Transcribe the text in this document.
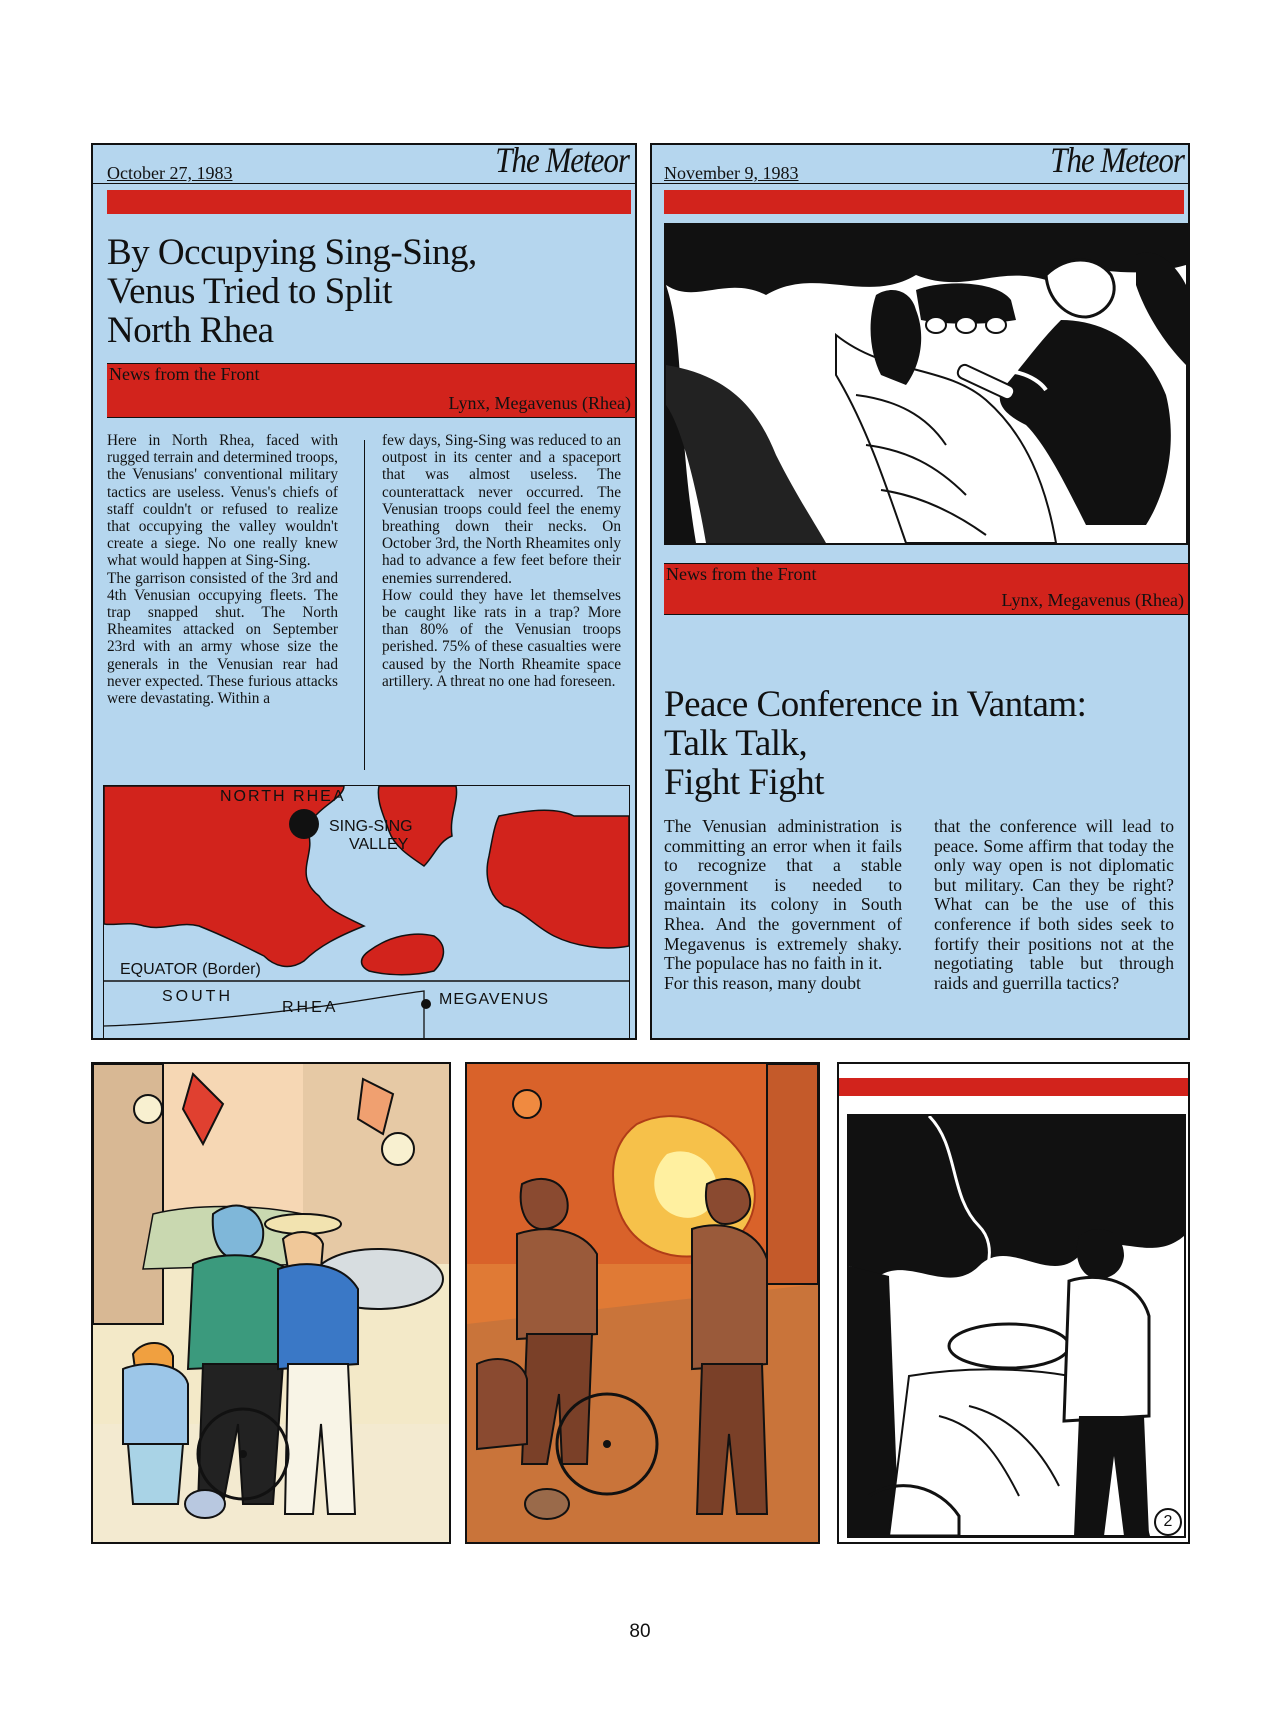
October 27, 1983	The Meteor
By Occupying Sing-Sing,
Venus Tried to Split
North Rhea
News from the Front
Lynx, Megavenus (Rhea)
Here in North Rhea, faced with rugged terrain and determined troops, the Venusians' conventional military tactics are useless. Venus's chiefs of staff couldn't or refused to realize that occupying the valley wouldn't create a siege. No one really knew what would happen at Sing-Sing.
The garrison consisted of the 3rd and 4th Venusian occupying fleets. The trap snapped shut. The North Rheamites attacked on September 23rd with an army whose size the generals in the Venusian rear had never expected. These furious attacks were devastating. Within a
few days, Sing-Sing was reduced to an outpost in its center and a spaceport that was almost useless. The counterattack never occurred. The Venusian troops could feel the enemy breathing down their necks. On October 3rd, the North Rheamites only had to advance a few feet before their enemies surrendered.
How could they have let themselves be caught like rats in a trap? More than 80% of the Venusian troops perished. 75% of these casualties were caused by the North Rheamite space artillery. A threat no one had foreseen.
NORTH RHEA
SING-SING
VALLEY
EQUATOR (Border)
SOUTH
RHEA	MEGAVENUS
November 9, 1983	The Meteor
News from the Front
Lynx, Megavenus (Rhea)
Peace Conference in Vantam:
Talk Talk,
Fight Fight
The Venusian administration is committing an error when it fails to recognize that a stable government is needed to maintain its colony in South Rhea. And the government of Megavenus is extremely shaky. The populace has no faith in it.
For this reason, many doubt
that the conference will lead to peace. Some affirm that today the only way open is not diplomatic but military. Can they be right? What can be the use of this conference if both sides seek to fortify their positions not at the negotiating table but through raids and guerrilla tactics?
2
80
